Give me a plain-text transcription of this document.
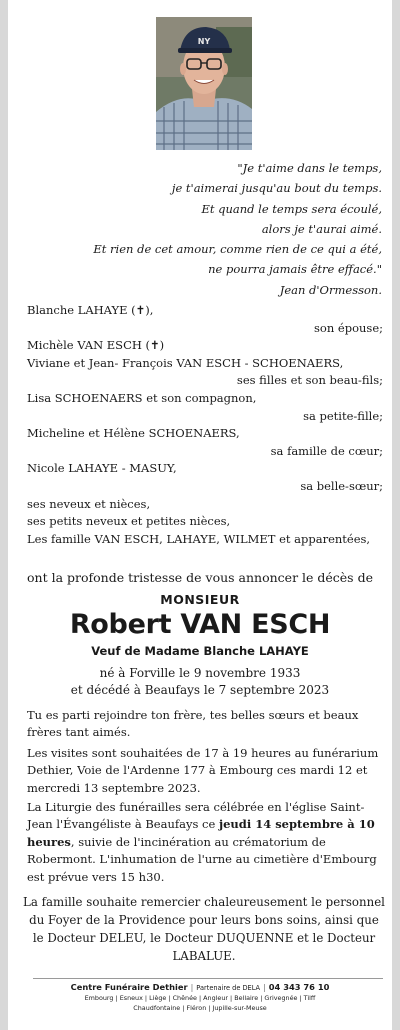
NY
"Je t'aime dans le temps,
je t'aimerai jusqu'au bout du temps.
Et quand le temps sera écoulé,
alors je t'aurai aimé.
Et rien de cet amour, comme rien de ce qui a été,
ne pourra jamais être effacé."
Jean d'Ormesson.
Blanche LAHAYE (✝),
son épouse;
Michèle VAN ESCH (✝)
Viviane et Jean- François VAN ESCH - SCHOENAERS,
ses filles et son beau-fils;
Lisa SCHOENAERS et son compagnon,
sa petite-fille;
Micheline et Hélène SCHOENAERS,
sa famille de cœur;
Nicole LAHAYE - MASUY,
sa belle-sœur;
ses neveux et nièces,
ses petits neveux et petites nièces,
Les famille VAN ESCH, LAHAYE, WILMET et apparentées,
ont la profonde tristesse de vous annoncer le décès de
MONSIEUR
Robert VAN ESCH
Veuf de Madame Blanche LAHAYE
né à Forville le 9 novembre 1933
et décédé à Beaufays le 7 septembre 2023
Tu es parti rejoindre ton frère, tes belles sœurs et beaux frères tant aimés.
Les visites sont souhaitées de 17 à 19 heures au funérarium Dethier, Voie de l'Ardenne 177 à Embourg ces mardi 12 et mercredi 13 septembre 2023.
La Liturgie des funérailles sera célébrée en l'église Saint-Jean l'Évangéliste à Beaufays ce jeudi 14 septembre à 10 heures, suivie de l'incinération au crématorium de Robermont. L'inhumation de l'urne au cimetière d'Embourg est prévue vers 15 h30.
La famille souhaite remercier chaleureusement le personnel du Foyer de la Providence pour leurs bons soins, ainsi que le Docteur DELEU, le Docteur DUQUENNE et le Docteur LABALUE.
Centre Funéraire Dethier | Partenaire de DELA | 04 343 76 10
Embourg | Esneux | Liège | Chênée | Angleur | Bellaire | Grivegnée | Tilff
Chaudfontaine | Fléron | Jupille-sur-Meuse
